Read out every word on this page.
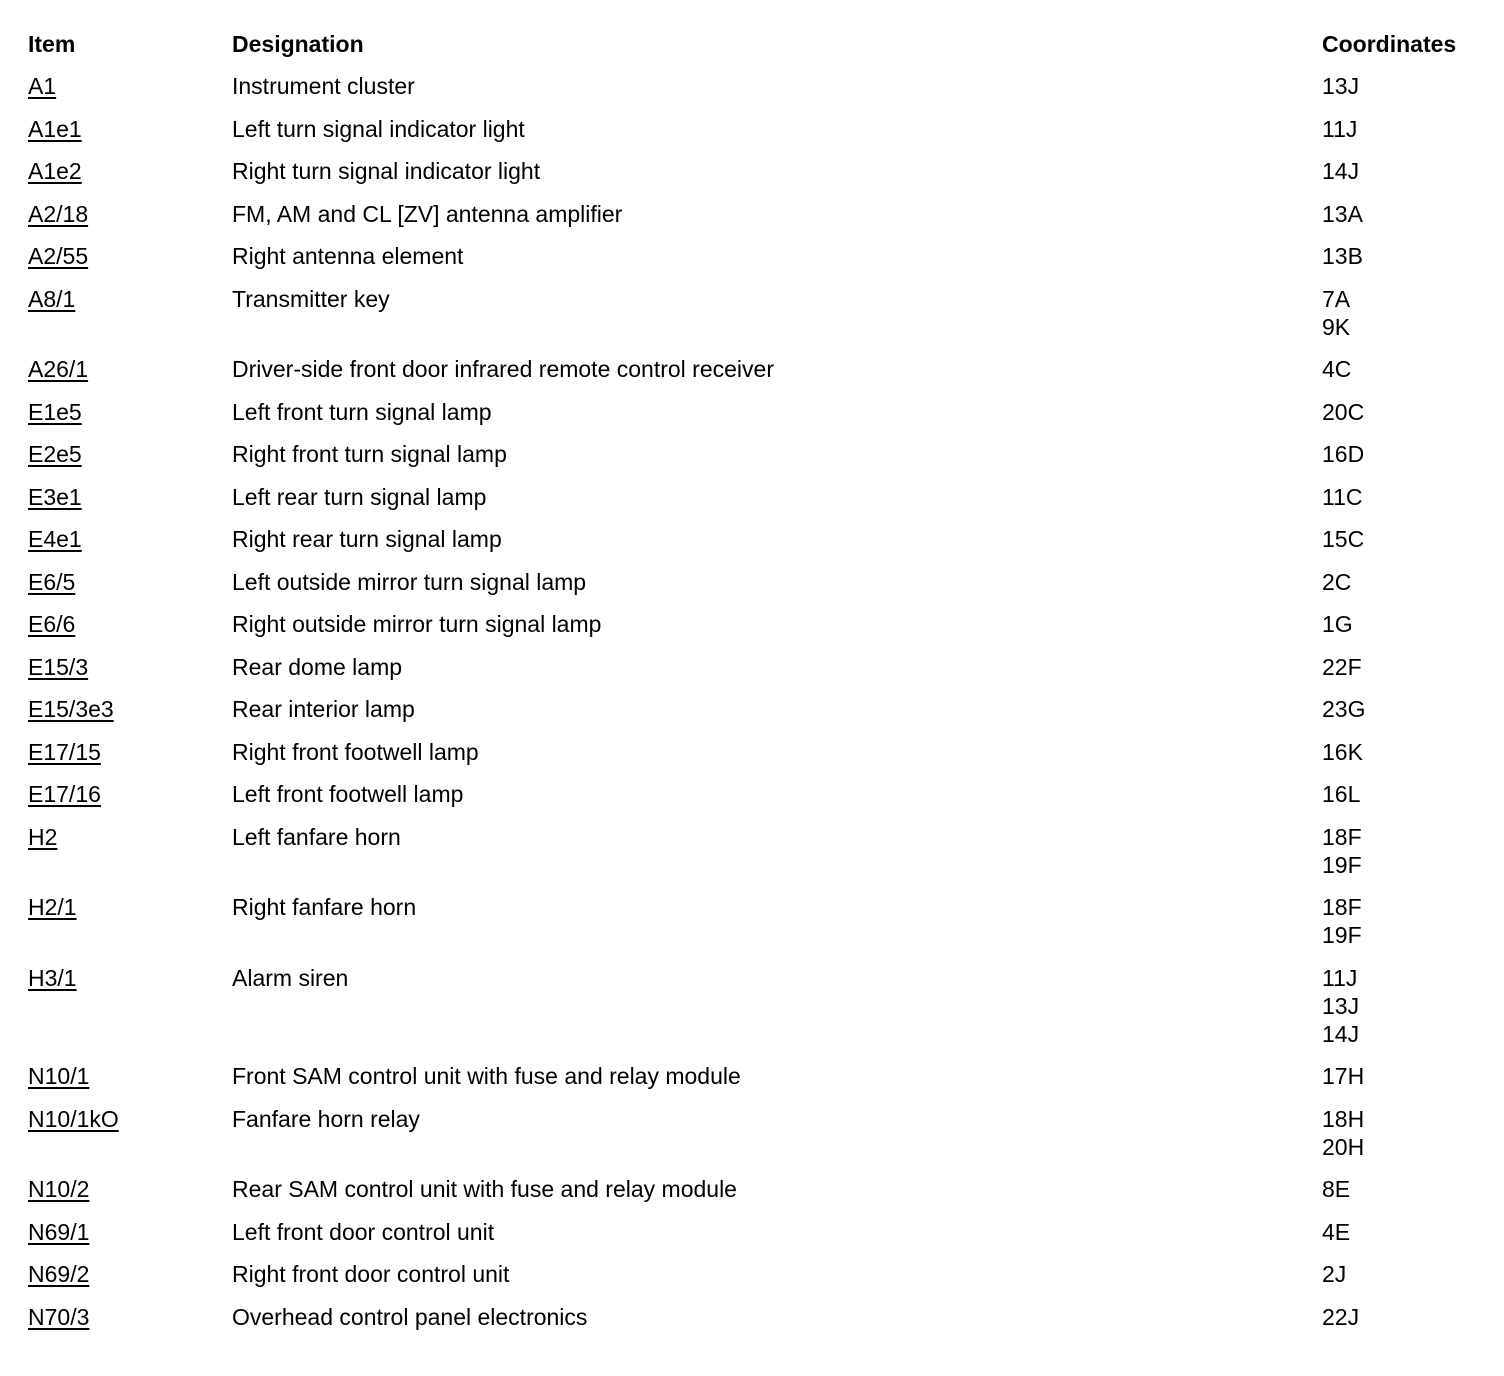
Item	Designation	Coordinates
A1	Instrument cluster	13J
A1e1	Left turn signal indicator light	11J
A1e2	Right turn signal indicator light	14J
A2/18	FM, AM and CL [ZV] antenna amplifier	13A
A2/55	Right antenna element	13B
A8/1	Transmitter key	7A
9K
A26/1	Driver-side front door infrared remote control receiver	4C
E1e5	Left front turn signal lamp	20C
E2e5	Right front turn signal lamp	16D
E3e1	Left rear turn signal lamp	11C
E4e1	Right rear turn signal lamp	15C
E6/5	Left outside mirror turn signal lamp	2C
E6/6	Right outside mirror turn signal lamp	1G
E15/3	Rear dome lamp	22F
E15/3e3	Rear interior lamp	23G
E17/15	Right front footwell lamp	16K
E17/16	Left front footwell lamp	16L
H2	Left fanfare horn	18F
19F
H2/1	Right fanfare horn	18F
19F
H3/1	Alarm siren	11J
13J
14J
N10/1	Front SAM control unit with fuse and relay module	17H
N10/1kO	Fanfare horn relay	18H
20H
N10/2	Rear SAM control unit with fuse and relay module	8E
N69/1	Left front door control unit	4E
N69/2	Right front door control unit	2J
N70/3	Overhead control panel electronics	22J
